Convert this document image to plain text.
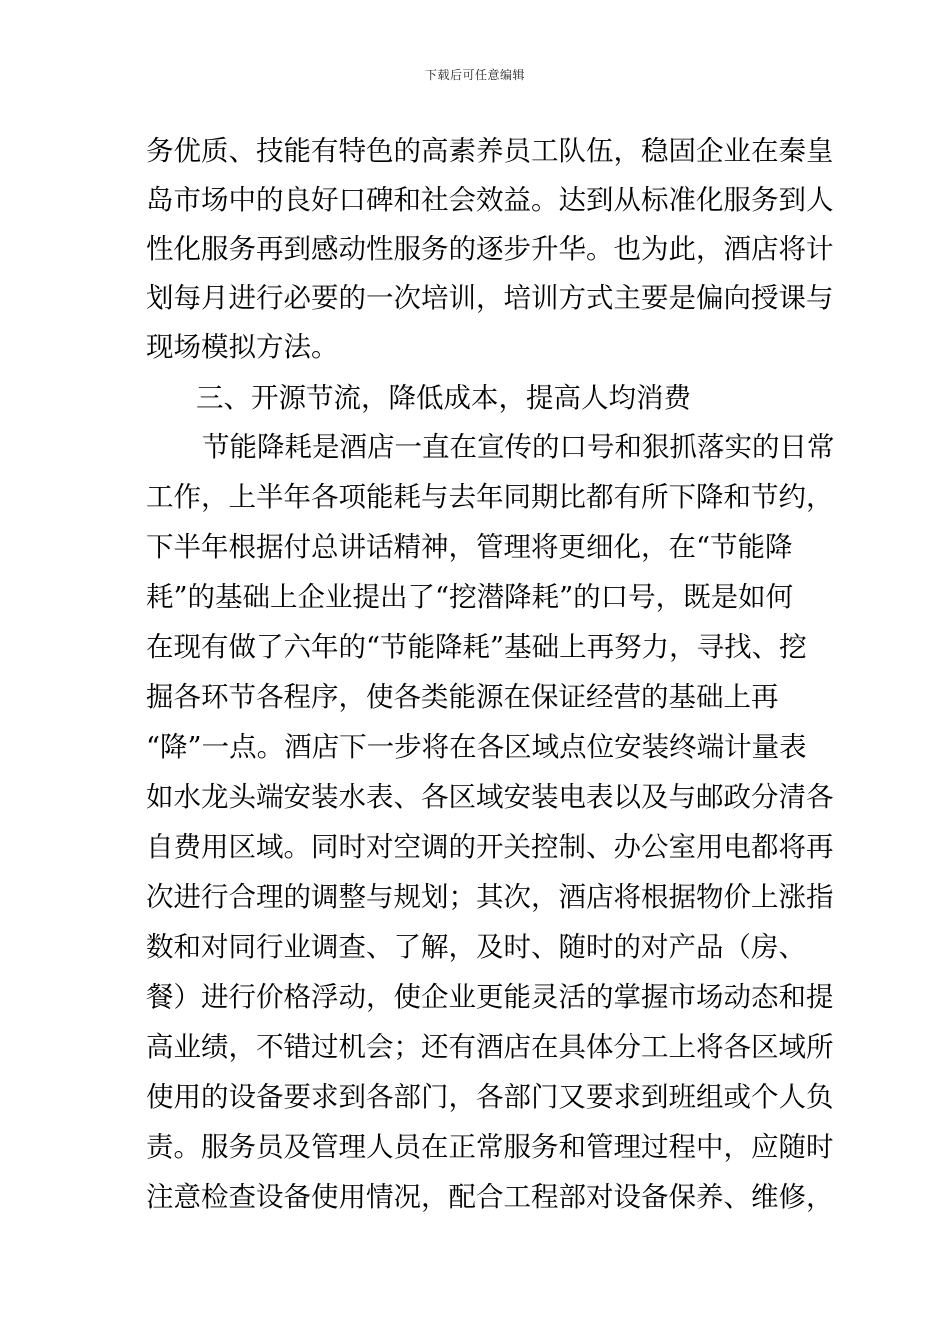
下载后可任意编辑
务优质、技能有特色的高素养员工队伍，稳固企业在秦皇
岛市场中的良好口碑和社会效益。达到从标准化服务到人
性化服务再到感动性服务的逐步升华。也为此，酒店将计
划每月进行必要的一次培训，培训方式主要是偏向授课与
现场模拟方法。
三、开源节流，降低成本，提高人均消费
节能降耗是酒店一直在宣传的口号和狠抓落实的日常
工作，上半年各项能耗与去年同期比都有所下降和节约，
下半年根据付总讲话精神，管理将更细化，在“节能降
耗”的基础上企业提出了“挖潜降耗”的口号，既是如何
在现有做了六年的“节能降耗”基础上再努力，寻找、挖
掘各环节各程序，使各类能源在保证经营的基础上再
“降”一点。酒店下一步将在各区域点位安装终端计量表
如水龙头端安装水表、各区域安装电表以及与邮政分清各
自费用区域。同时对空调的开关控制、办公室用电都将再
次进行合理的调整与规划；其次，酒店将根据物价上涨指
数和对同行业调查、了解，及时、随时的对产品（房、
餐）进行价格浮动，使企业更能灵活的掌握市场动态和提
高业绩，不错过机会；还有酒店在具体分工上将各区域所
使用的设备要求到各部门，各部门又要求到班组或个人负
责。服务员及管理人员在正常服务和管理过程中，应随时
注意检查设备使用情况，配合工程部对设备保养、维修，
